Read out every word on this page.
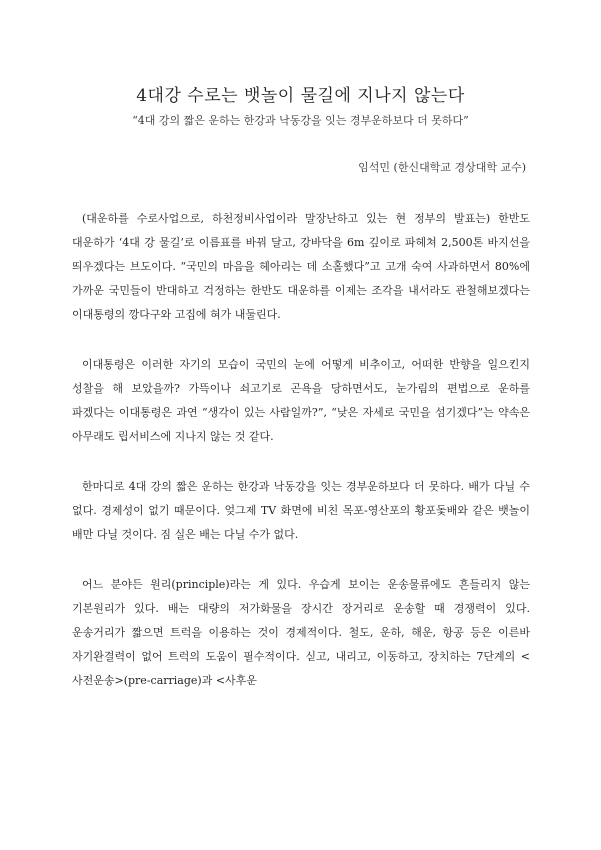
4대강 수로는 뱃놀이 물길에 지나지 않는다

“4대 강의 짧은 운하는 한강과 낙동강을 잇는 경부운하보다 더 못하다”

임석민 (한신대학교 경상대학 교수)

(대운하를 수로사업으로, 하천정비사업이라 말장난하고 있는 현 정부의 발표는) 한반도 대운하가 ‘4대 강 물길’로 이름표를 바꿔 달고, 강바닥을 6m 깊이로 파헤쳐 2,500톤 바지선을 띄우겠다는 브도이다. “국민의 마음을 헤아리는 데 소홀했다”고 고개 숙여 사과하면서 80%에 가까운 국민들이 반대하고 걱정하는 한반도 대운하를 이제는 조각을 내서라도 관철해보겠다는 이대통령의 깡다구와 고집에 혀가 내둘린다.

이대통령은 이러한 자기의 모습이 국민의 눈에 어떻게 비추이고, 어떠한 반향을 일으킨지 성찰을 해 보았을까? 가뜩이나 쇠고기로 곤욕을 당하면서도, 눈가림의 편법으로 운하를 파겠다는 이대통령은 과연 “생각이 있는 사람일까?”, “낮은 자세로 국민을 섬기겠다”는 약속은 아무래도 립서비스에 지나지 않는 것 같다.

한마디로 4대 강의 짧은 운하는 한강과 낙동강을 잇는 경부운하보다 더 못하다. 배가 다닐 수 없다. 경제성이 없기 때문이다. 엊그제 TV 화면에 비친 목포-영산포의 황포돛배와 같은 뱃놀이 배만 다닐 것이다. 짐 실은 배는 다닐 수가 없다.

어느 분야든 원리(principle)라는 게 있다. 우습게 보이는 운송물류에도 흔들리지 않는 기본원리가 있다. 배는 대량의 저가화물을 장시간 장거리로 운송할 때 경쟁력이 있다. 운송거리가 짧으면 트럭을 이용하는 것이 경제적이다. 철도, 운하, 해운, 항공 등은 이른바 자기완결력이 없어 트럭의 도움이 필수적이다. 싣고, 내리고, 이동하고, 장치하는 7단계의 <사전운송>(pre-carriage)과 <사후운
